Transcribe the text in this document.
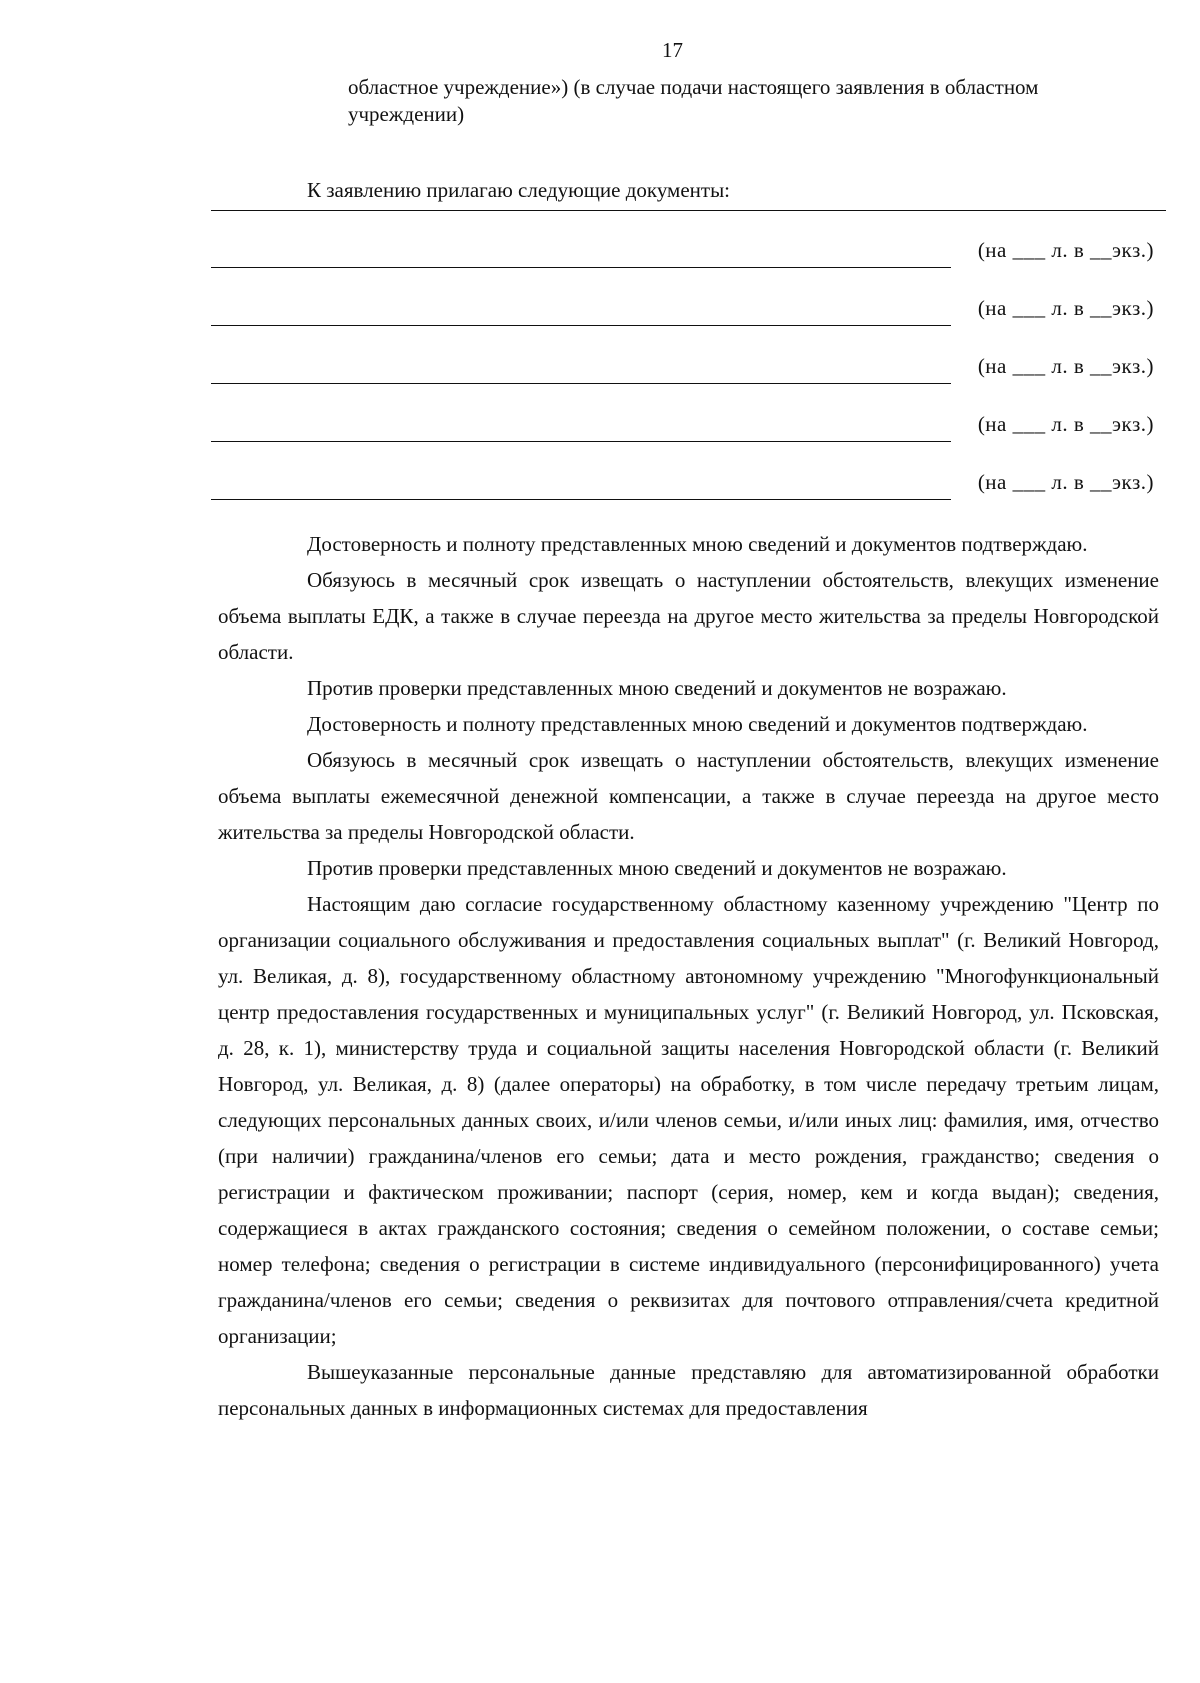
17
областное учреждение») (в случае подачи настоящего заявления в областном учреждении)
К заявлению прилагаю следующие документы:
(на ___ л. в __экз.)
(на ___ л. в __экз.)
(на ___ л. в __экз.)
(на ___ л. в __экз.)
(на ___ л. в __экз.)

Достоверность и полноту представленных мною сведений и документов подтверждаю.

Обязуюсь в месячный срок извещать о наступлении обстоятельств, влекущих изменение объема выплаты ЕДК, а также в случае переезда на другое место жительства за пределы Новгородской области.

Против проверки представленных мною сведений и документов не возражаю.

Достоверность и полноту представленных мною сведений и документов подтверждаю.

Обязуюсь в месячный срок извещать о наступлении обстоятельств, влекущих изменение объема выплаты ежемесячной денежной компенсации, а также в случае переезда на другое место жительства за пределы Новгородской области.

Против проверки представленных мною сведений и документов не возражаю.

Настоящим даю согласие государственному областному казенному учреждению "Центр по организации социального обслуживания и предоставления социальных выплат" (г. Великий Новгород, ул. Великая, д. 8), государственному областному автономному учреждению "Многофункциональный центр предоставления государственных и муниципальных услуг" (г. Великий Новгород, ул. Псковская, д. 28, к. 1), министерству труда и социальной защиты населения Новгородской области (г. Великий Новгород, ул. Великая, д. 8) (далее операторы) на обработку, в том числе передачу третьим лицам, следующих персональных данных своих, и/или членов семьи, и/или иных лиц: фамилия, имя, отчество (при наличии) гражданина/членов его семьи; дата и место рождения, гражданство; сведения о регистрации и фактическом проживании; паспорт (серия, номер, кем и когда выдан); сведения, содержащиеся в актах гражданского состояния; сведения о семейном положении, о составе семьи; номер телефона; сведения о регистрации в системе индивидуального (персонифицированного) учета гражданина/членов его семьи; сведения о реквизитах для почтового отправления/счета кредитной организации;

Вышеуказанные персональные данные представляю для автоматизированной обработки персональных данных в информационных системах для предоставления
